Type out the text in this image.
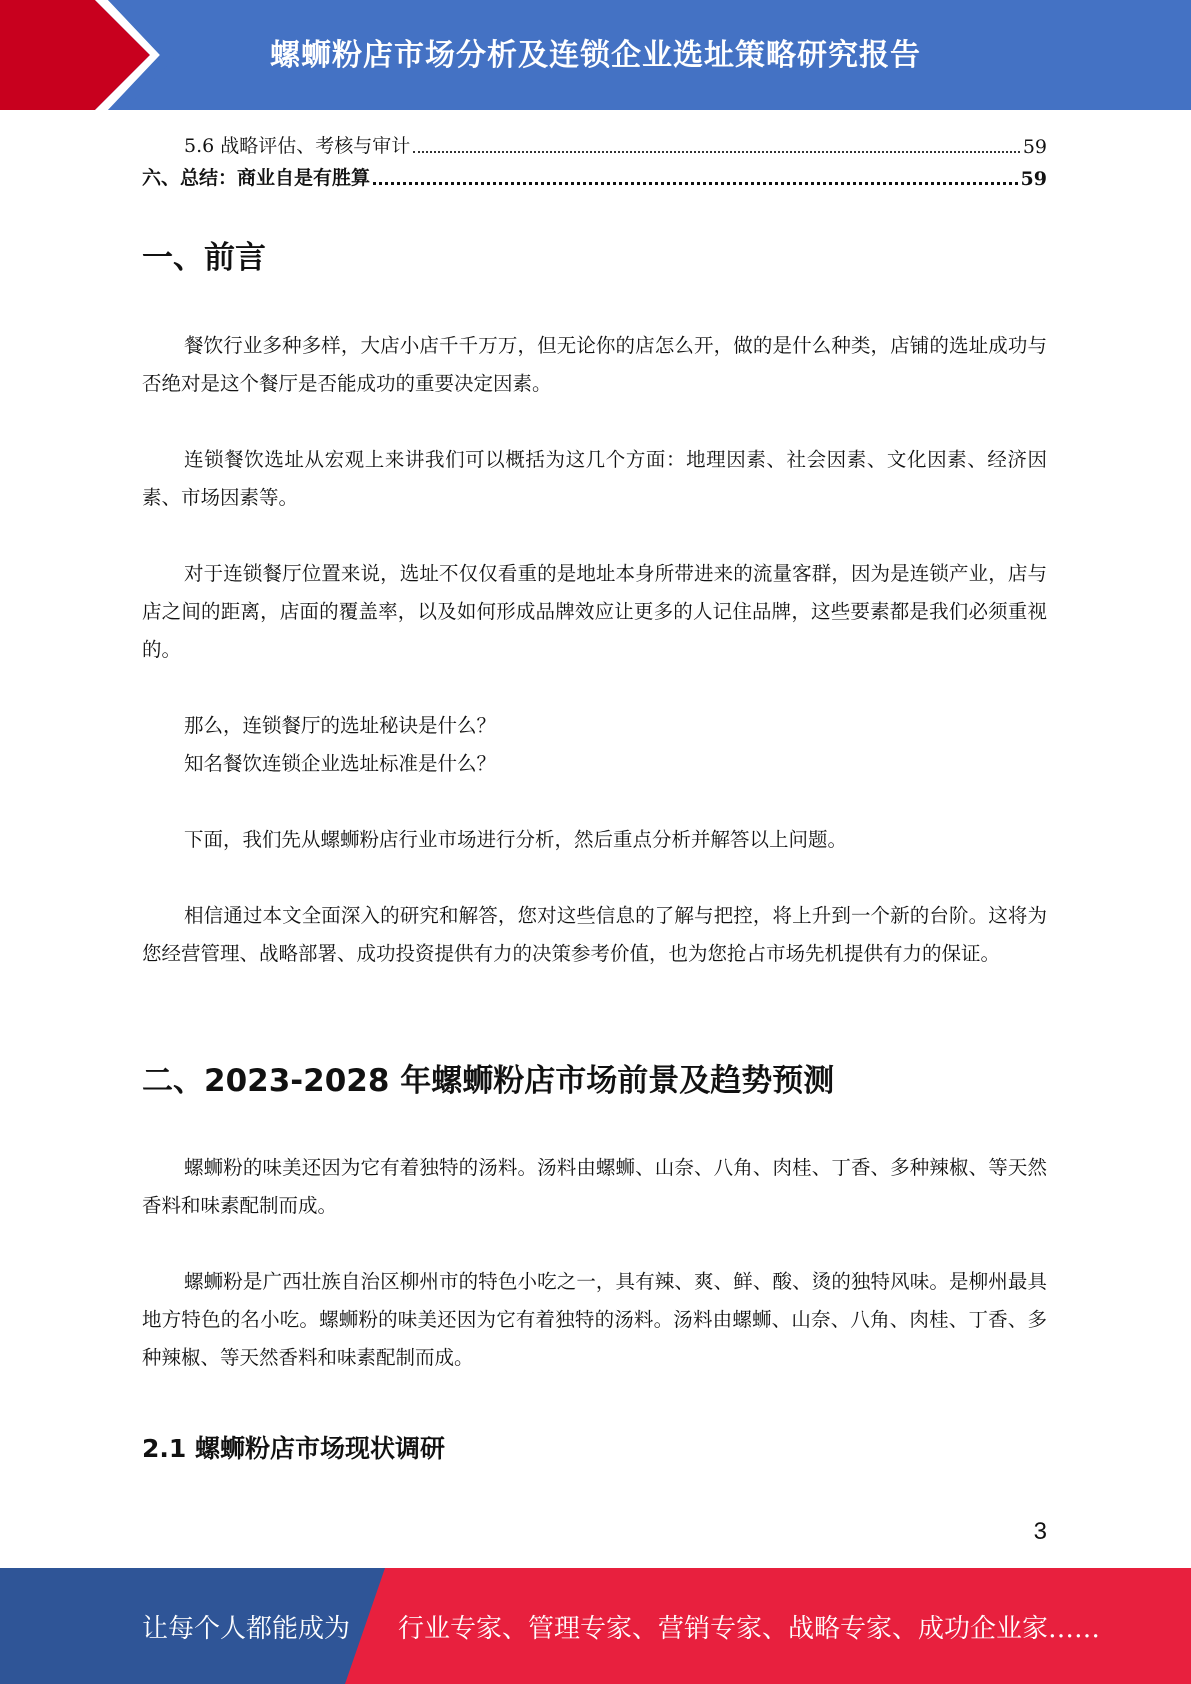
螺蛳粉店市场分析及连锁企业选址策略研究报告
5.6 战略评估、考核与审计	59
六、总结：商业自是有胜算	59
一、前言

餐饮行业多种多样，大店小店千千万万，但无论你的店怎么开，做的是什么种类，店铺的选址成功与否绝对是这个餐厅是否能成功的重要决定因素。

连锁餐饮选址从宏观上来讲我们可以概括为这几个方面：地理因素、社会因素、文化因素、经济因素、市场因素等。

对于连锁餐厅位置来说，选址不仅仅看重的是地址本身所带进来的流量客群，因为是连锁产业，店与店之间的距离，店面的覆盖率，以及如何形成品牌效应让更多的人记住品牌，这些要素都是我们必须重视的。

那么，连锁餐厅的选址秘诀是什么？

知名餐饮连锁企业选址标准是什么？

下面，我们先从螺蛳粉店行业市场进行分析，然后重点分析并解答以上问题。

相信通过本文全面深入的研究和解答，您对这些信息的了解与把控，将上升到一个新的台阶。这将为您经营管理、战略部署、成功投资提供有力的决策参考价值，也为您抢占市场先机提供有力的保证。

二、2023-2028 年螺蛳粉店市场前景及趋势预测

螺蛳粉的味美还因为它有着独特的汤料。汤料由螺蛳、山奈、八角、肉桂、丁香、多种辣椒、等天然香料和味素配制而成。

螺蛳粉是广西壮族自治区柳州市的特色小吃之一，具有辣、爽、鲜、酸、烫的独特风味。是柳州最具地方特色的名小吃。螺蛳粉的味美还因为它有着独特的汤料。汤料由螺蛳、山奈、八角、肉桂、丁香、多种辣椒、等天然香料和味素配制而成。

2.1 螺蛳粉店市场现状调研
3
让每个人都能成为 行业专家、管理专家、营销专家、战略专家、成功企业家……
